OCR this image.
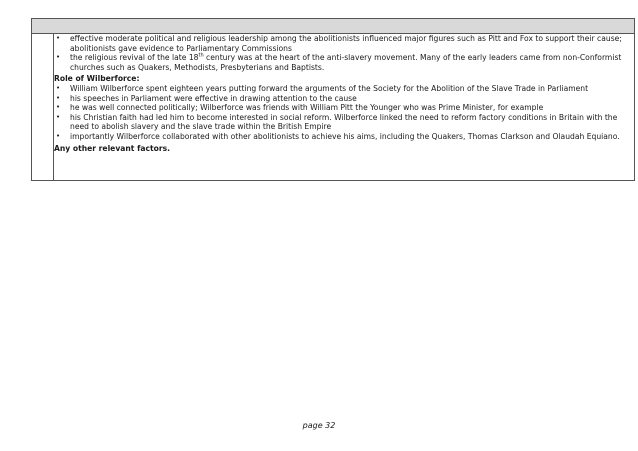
• effective moderate political and religious leadership among the abolitionists influenced major figures such as Pitt and Fox to support their cause; abolitionists gave evidence to Parliamentary Commissions
• the religious revival of the late 18th century was at the heart of the anti-slavery movement. Many of the early leaders came from non-Conformist churches such as Quakers, Methodists, Presbyterians and Baptists.
Role of Wilberforce:
• William Wilberforce spent eighteen years putting forward the arguments of the Society for the Abolition of the Slave Trade in Parliament
• his speeches in Parliament were effective in drawing attention to the cause
• he was well connected politically; Wilberforce was friends with William Pitt the Younger who was Prime Minister, for example
• his Christian faith had led him to become interested in social reform. Wilberforce linked the need to reform factory conditions in Britain with the need to abolish slavery and the slave trade within the British Empire
• importantly Wilberforce collaborated with other abolitionists to achieve his aims, including the Quakers, Thomas Clarkson and Olaudah Equiano.
Any other relevant factors.
page 32
